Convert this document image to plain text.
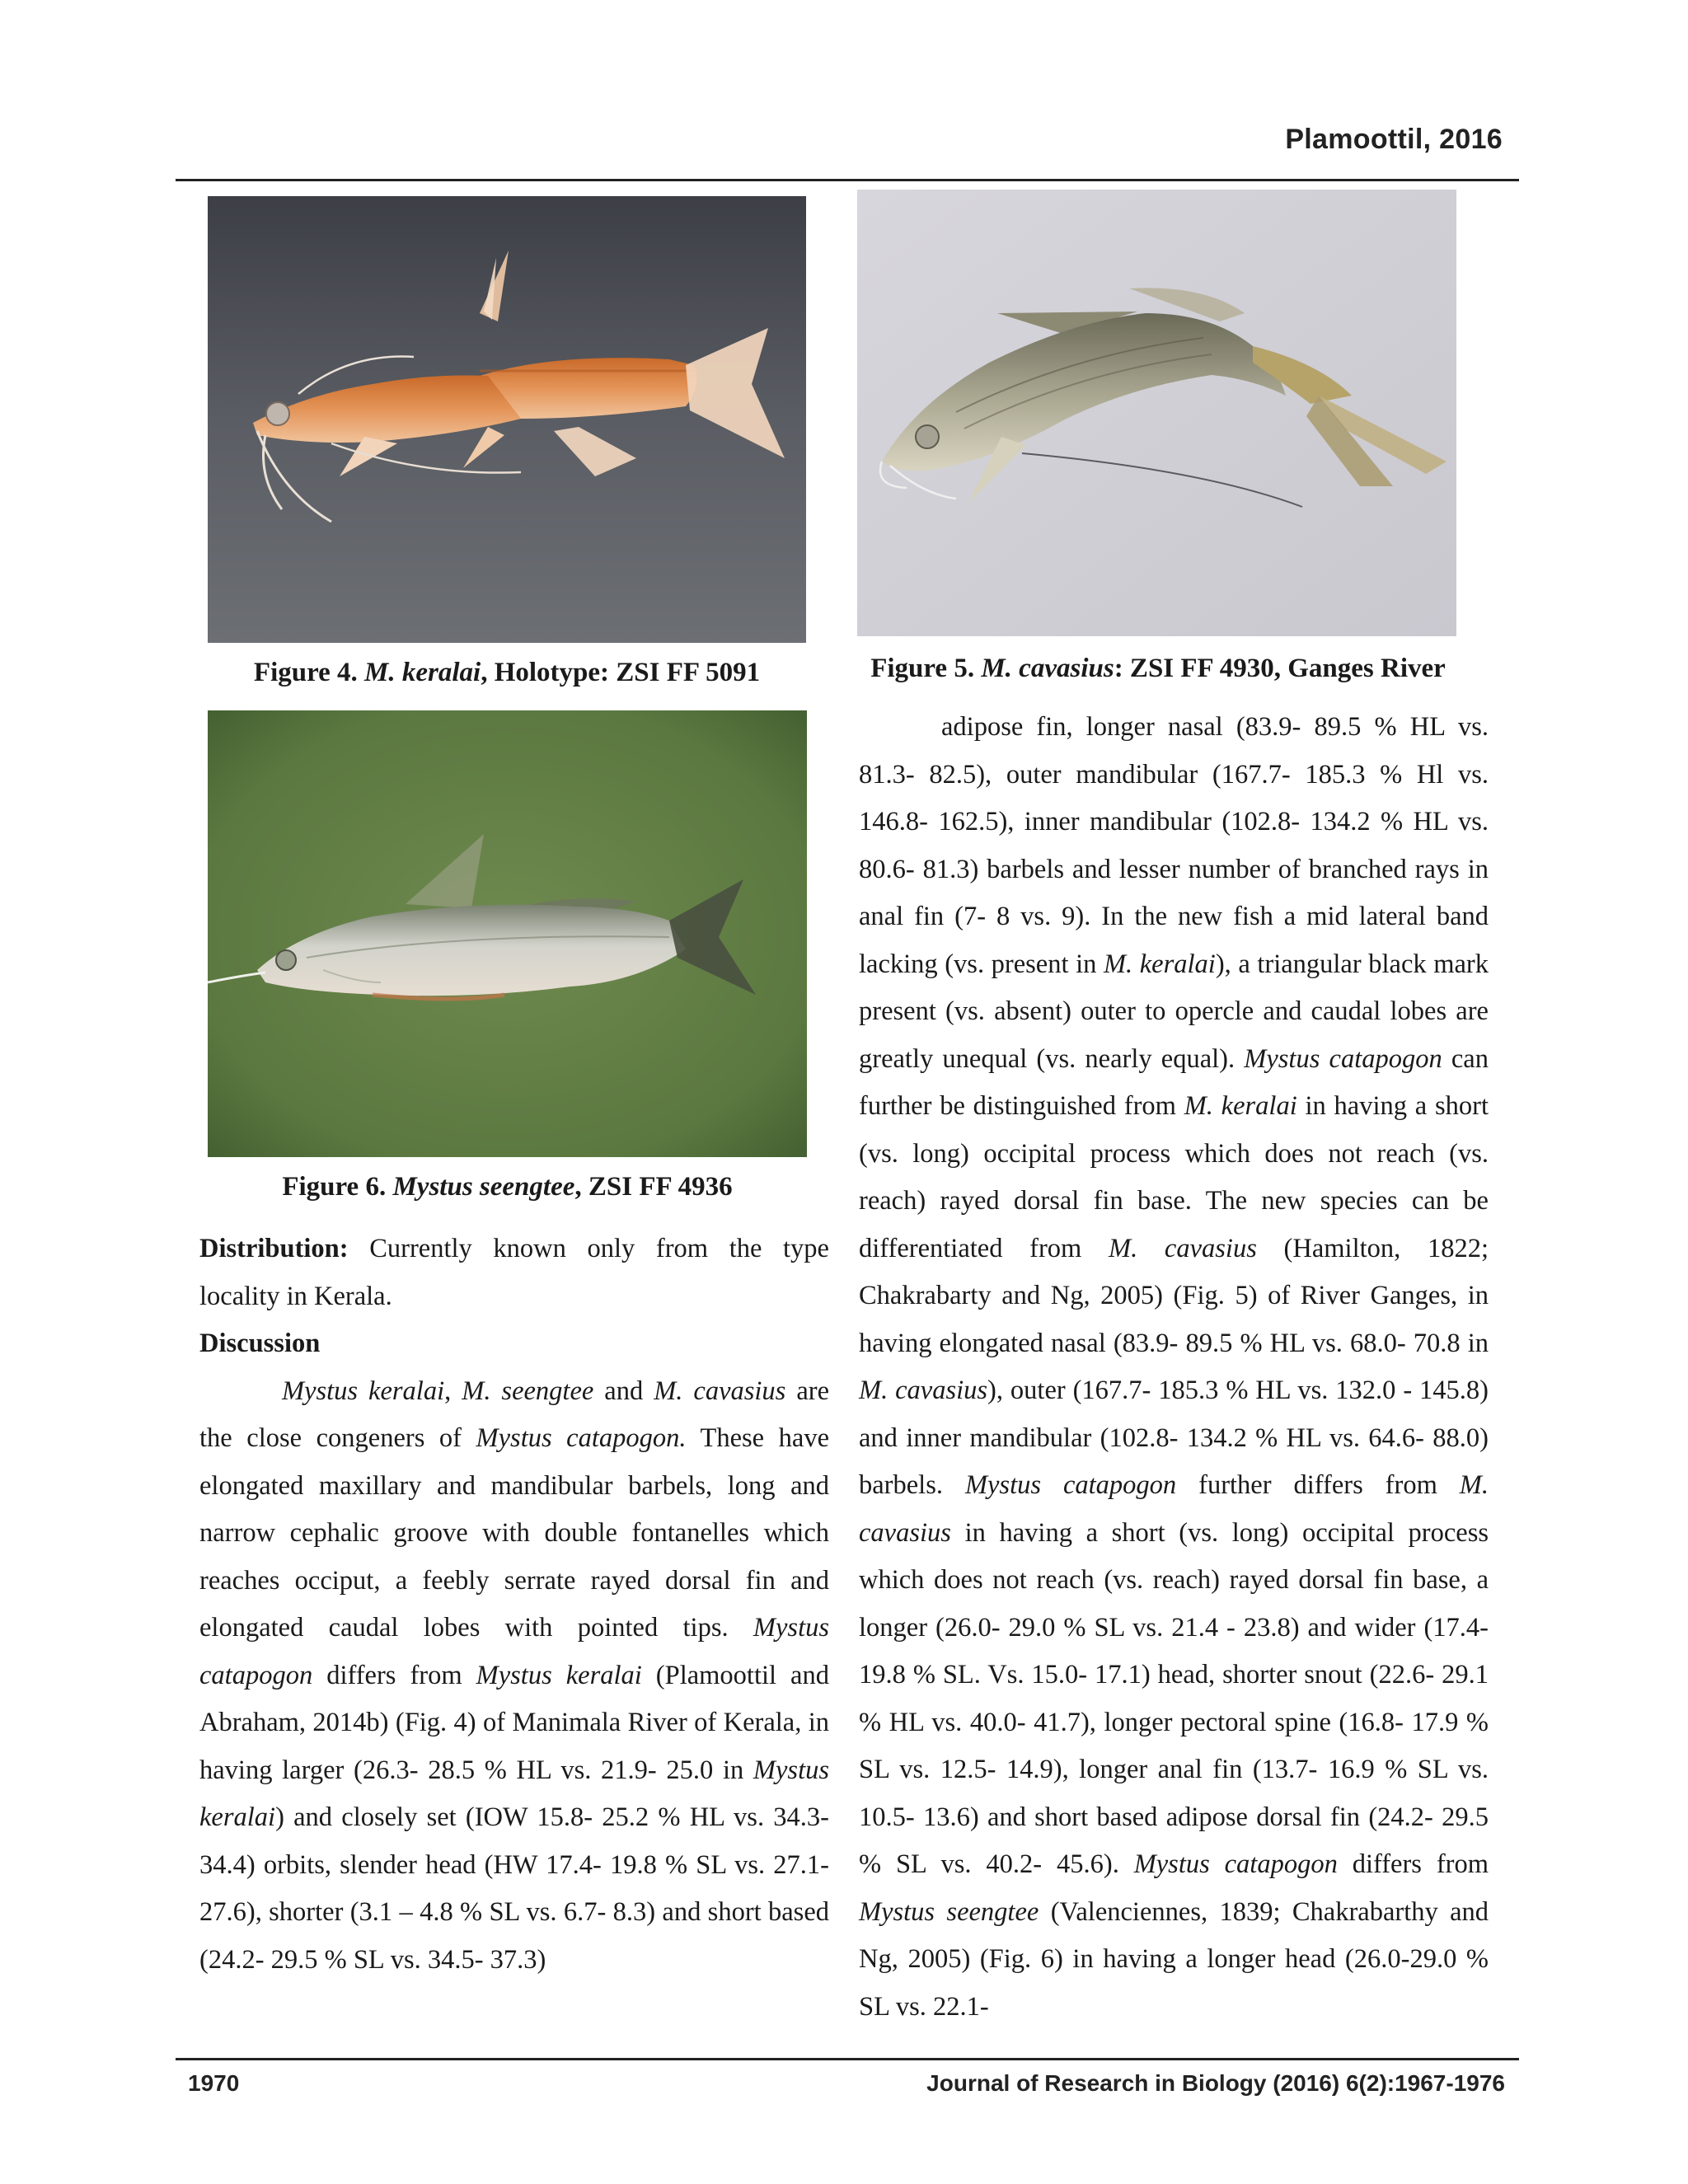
Plamoottil, 2016
Figure 4. M. keralai, Holotype: ZSI FF 5091	Figure 5. M. cavasius: ZSI FF 4930, Ganges River
Figure 6. Mystus seengtee, ZSI FF 4936

Distribution: Currently known only from the type locality in Kerala.

Discussion

Mystus keralai, M. seengtee and M. cavasius are the close congeners of Mystus catapogon. These have elongated maxillary and mandibular barbels, long and narrow cephalic groove with double fontanelles which reaches occiput, a feebly serrate rayed dorsal fin and elongated caudal lobes with pointed tips. Mystus catapogon differs from Mystus keralai (Plamoottil and Abraham, 2014b) (Fig. 4) of Manimala River of Kerala, in having larger (26.3- 28.5 % HL vs. 21.9- 25.0 in Mystus keralai) and closely set (IOW 15.8- 25.2 % HL vs. 34.3- 34.4) orbits, slender head (HW 17.4- 19.8 % SL vs. 27.1- 27.6), shorter (3.1 – 4.8 % SL vs. 6.7- 8.3) and short based (24.2- 29.5 % SL vs. 34.5- 37.3)

adipose fin, longer nasal (83.9- 89.5 % HL vs. 81.3- 82.5), outer mandibular (167.7- 185.3 % Hl vs. 146.8- 162.5), inner mandibular (102.8- 134.2 % HL vs. 80.6- 81.3) barbels and lesser number of branched rays in anal fin (7- 8 vs. 9). In the new fish a mid lateral band lacking (vs. present in M. keralai), a triangular black mark present (vs. absent) outer to opercle and caudal lobes are greatly unequal (vs. nearly equal). Mystus catapogon can further be distinguished from M. keralai in having a short (vs. long) occipital process which does not reach (vs. reach) rayed dorsal fin base. The new species can be differentiated from M. cavasius (Hamilton, 1822; Chakrabarty and Ng, 2005) (Fig. 5) of River Ganges, in having elongated nasal (83.9- 89.5 % HL vs. 68.0- 70.8 in M. cavasius), outer (167.7- 185.3 % HL vs. 132.0 - 145.8) and inner mandibular (102.8- 134.2 % HL vs. 64.6- 88.0) barbels. Mystus catapogon further differs from M. cavasius in having a short (vs. long) occipital process which does not reach (vs. reach) rayed dorsal fin base, a longer (26.0- 29.0 % SL vs. 21.4 - 23.8) and wider (17.4- 19.8 % SL. Vs. 15.0- 17.1) head, shorter snout (22.6- 29.1 % HL vs. 40.0- 41.7), longer pectoral spine (16.8- 17.9 % SL vs. 12.5- 14.9), longer anal fin (13.7- 16.9 % SL vs. 10.5- 13.6) and short based adipose dorsal fin (24.2- 29.5 % SL vs. 40.2- 45.6). Mystus catapogon differs from Mystus seengtee (Valenciennes, 1839; Chakrabarthy and Ng, 2005) (Fig. 6) in having a longer head (26.0-29.0 % SL vs. 22.1-

1970	Journal of Research in Biology (2016) 6(2):1967-1976
